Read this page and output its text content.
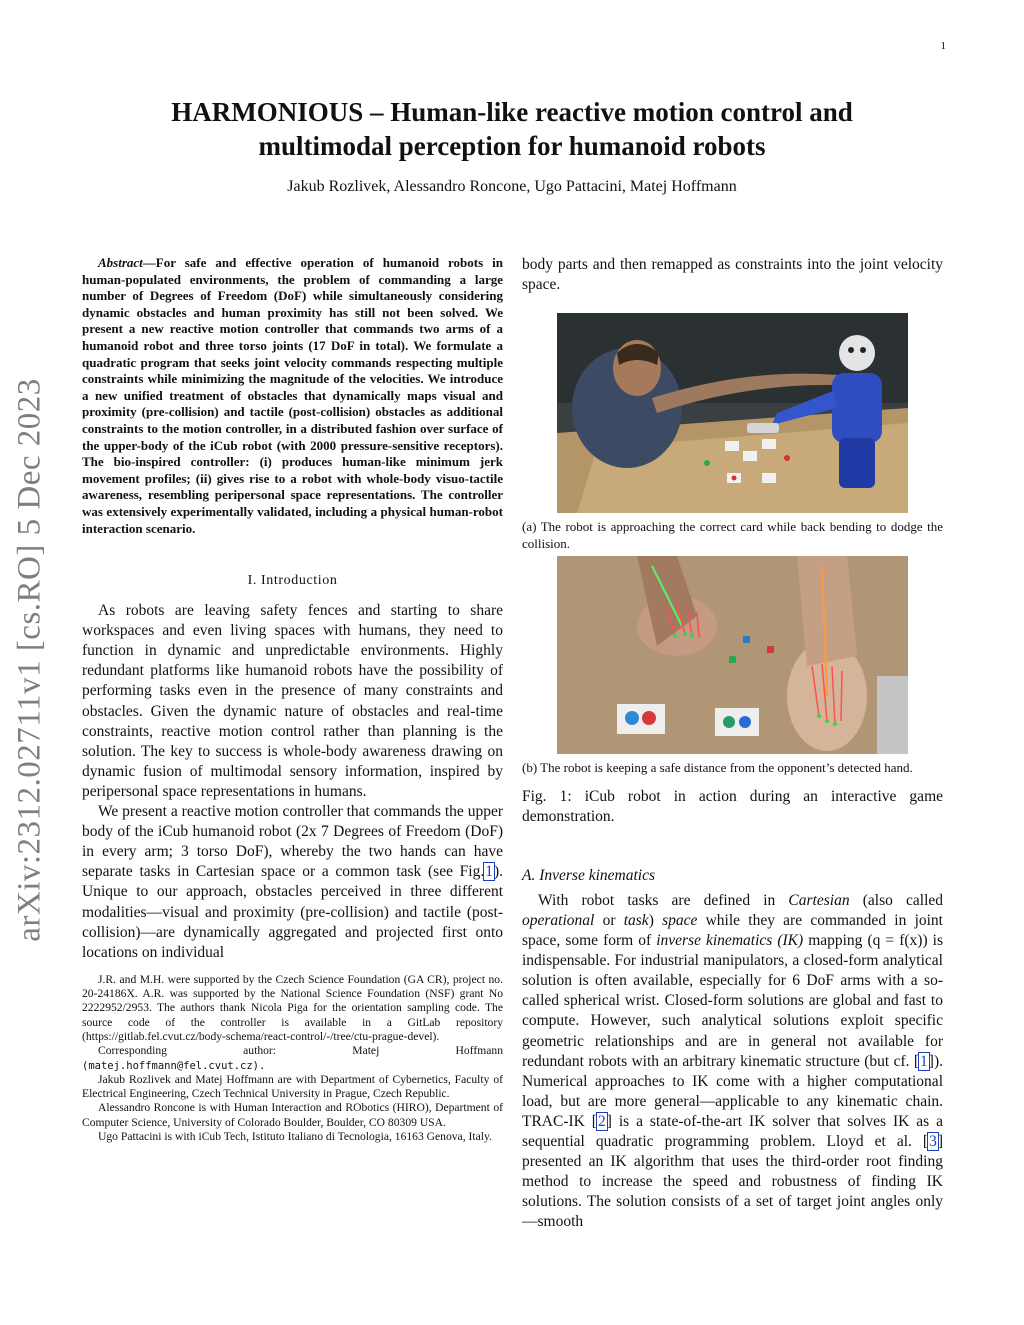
1
arXiv:2312.02711v1 [cs.RO] 5 Dec 2023
HARMONIOUS – Human-like reactive motion control and
multimodal perception for humanoid robots
Jakub Rozlivek, Alessandro Roncone, Ugo Pattacini, Matej Hoffmann

Abstract—For safe and effective operation of humanoid robots in human-populated environments, the problem of commanding a large number of Degrees of Freedom (DoF) while simultaneously considering dynamic obstacles and human proximity has still not been solved. We present a new reactive motion controller that commands two arms of a humanoid robot and three torso joints (17 DoF in total). We formulate a quadratic program that seeks joint velocity commands respecting multiple constraints while minimizing the magnitude of the velocities. We introduce a new unified treatment of obstacles that dynamically maps visual and proximity (pre-collision) and tactile (post-collision) obstacles as additional constraints to the motion controller, in a distributed fashion over surface of the upper-body of the iCub robot (with 2000 pressure-sensitive receptors). The bio-inspired controller: (i) produces human-like minimum jerk movement profiles; (ii) gives rise to a robot with whole-body visuo-tactile awareness, resembling peripersonal space representations. The controller was extensively experimentally validated, including a physical human-robot interaction scenario.

I. Introduction

As robots are leaving safety fences and starting to share workspaces and even living spaces with humans, they need to function in dynamic and unpredictable environments. Highly redundant platforms like humanoid robots have the possibility of performing tasks even in the presence of many constraints and obstacles. Given the dynamic nature of obstacles and real-time constraints, reactive motion control rather than planning is the solution. The key to success is whole-body awareness drawing on dynamic fusion of multimodal sensory information, inspired by peripersonal space representations in humans.

We present a reactive motion controller that commands the upper body of the iCub humanoid robot (2x 7 Degrees of Freedom (DoF) in every arm; 3 torso DoF), whereby the two hands can have separate tasks in Cartesian space or a common task (see Fig.1). Unique to our approach, obstacles perceived in three different modalities—visual and proximity (pre-collision) and tactile (post-collision)—are dynamically aggregated and projected first onto locations on individual

J.R. and M.H. were supported by the Czech Science Foundation (GA CR), project no. 20-24186X. A.R. was supported by the National Science Foundation (NSF) grant No 2222952/2953. The authors thank Nicola Piga for the orientation sampling code. The source code of the controller is available in a GitLab repository (https://gitlab.fel.cvut.cz/body-schema/react-control/-/tree/ctu-prague-devel).

Corresponding author: Matej Hoffmann (matej.hoffmann@fel.cvut.cz).

Jakub Rozlivek and Matej Hoffmann are with Department of Cybernetics, Faculty of Electrical Engineering, Czech Technical University in Prague, Czech Republic.

Alessandro Roncone is with Human Interaction and RObotics (HIRO), Department of Computer Science, University of Colorado Boulder, Boulder, CO 80309 USA.

Ugo Pattacini is with iCub Tech, Istituto Italiano di Tecnologia, 16163 Genova, Italy.

body parts and then remapped as constraints into the joint velocity space.

(a) The robot is approaching the correct card while back bending to dodge the collision.

(b) The robot is keeping a safe distance from the opponent’s detected hand.

Fig. 1: iCub robot in action during an interactive game demonstration.

A. Inverse kinematics

With robot tasks are defined in Cartesian (also called operational or task) space while they are commanded in joint space, some form of inverse kinematics (IK) mapping (q = f(x)) is indispensable. For industrial manipulators, a closed-form analytical solution is often available, especially for 6 DoF arms with a so-called spherical wrist. Closed-form solutions are global and fast to compute. However, such analytical solutions exploit specific geometric relationships and are in general not available for redundant robots with an arbitrary kinematic structure (but cf. [1]). Numerical approaches to IK come with a higher computational load, but are more general—applicable to any kinematic chain. TRAC-IK [2] is a state-of-the-art IK solver that solves IK as a sequential quadratic programming problem. Lloyd et al. [3] presented an IK algorithm that uses the third-order root finding method to increase the speed and robustness of finding IK solutions. The solution consists of a set of target joint angles only—smooth
